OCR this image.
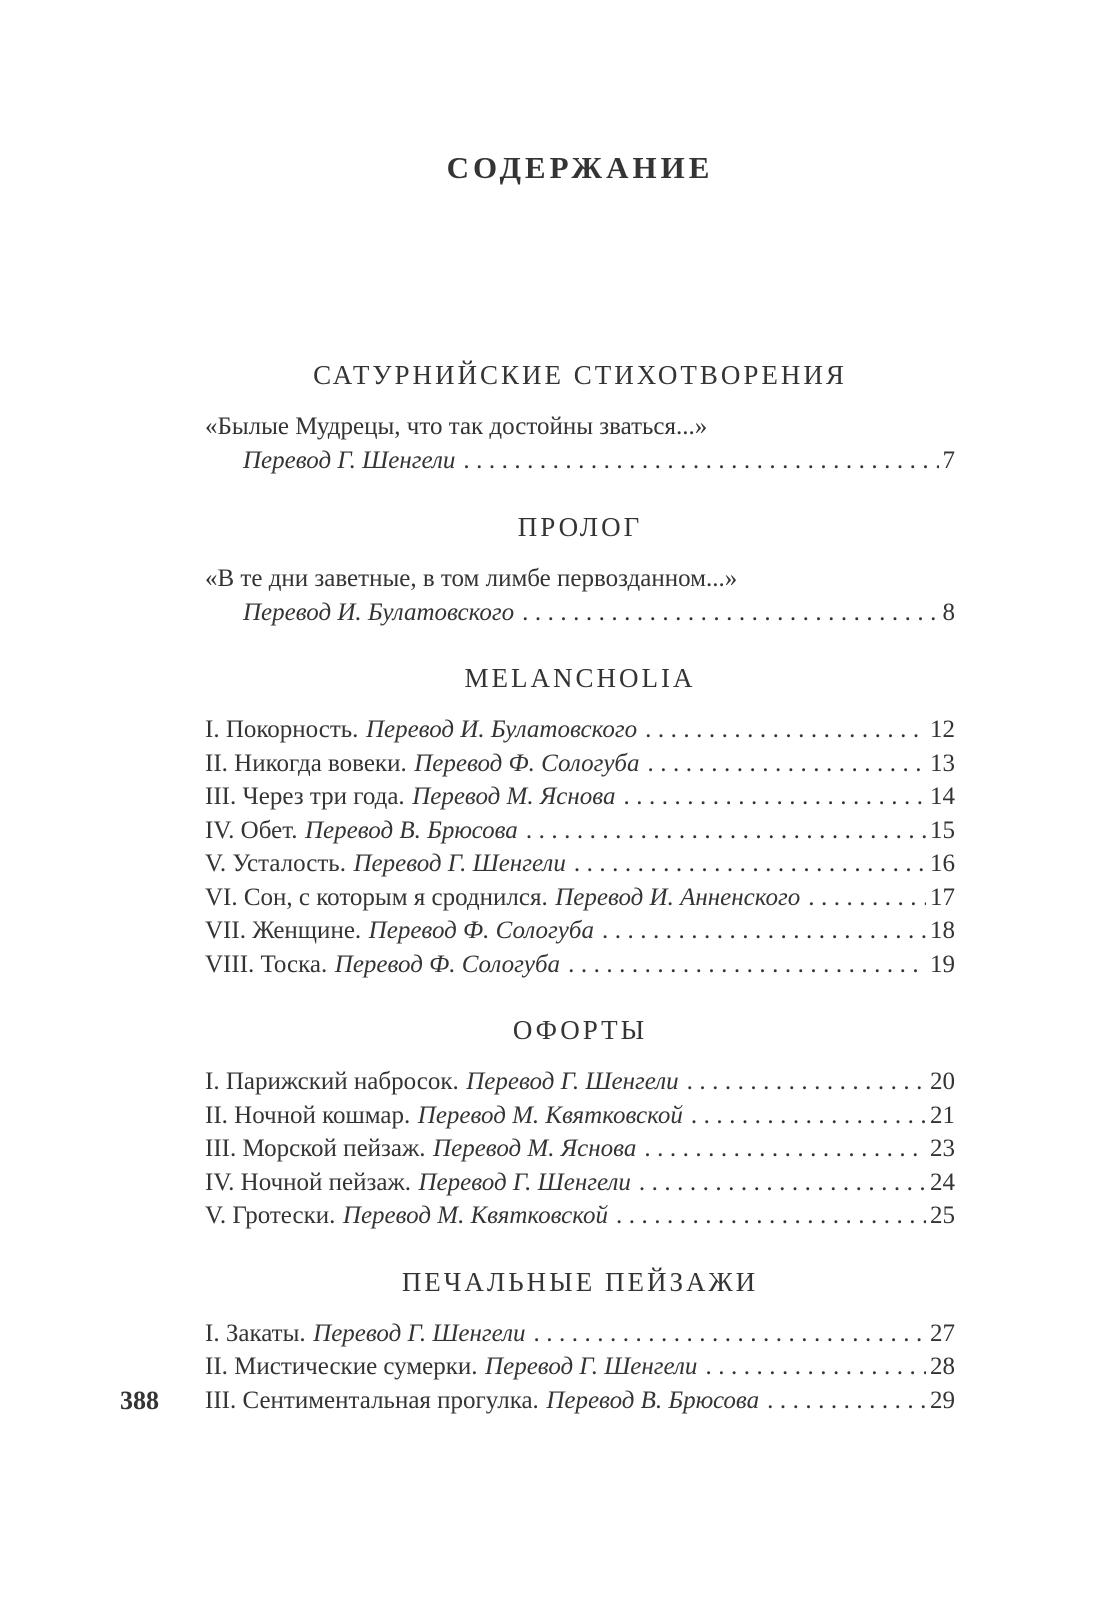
СОДЕРЖАНИЕ
САТУРНИЙСКИЕ СТИХОТВОРЕНИЯ
«Былые Мудрецы, что так достойны зваться...»
Перевод Г. Шенгели .....	7
ПРОЛОГ
«В те дни заветные, в том лимбе первозданном...»
Перевод И. Булатовского .....	8
MELANCHOLIA
I. Покорность. Перевод И. Булатовского .....	12
II. Никогда вовеки. Перевод Ф. Сологуба .....	13
III. Через три года. Перевод М. Яснова .....	14
IV. Обет. Перевод В. Брюсова .....	15
V. Усталость. Перевод Г. Шенгели .....	16
VI. Сон, с которым я сроднился. Перевод И. Анненского .....	17
VII. Женщине. Перевод Ф. Сологуба .....	18
VIII. Тоска. Перевод Ф. Сологуба .....	19
ОФОРТЫ
I. Парижский набросок. Перевод Г. Шенгели .....	20
II. Ночной кошмар. Перевод М. Квятковской .....	21
III. Морской пейзаж. Перевод М. Яснова .....	23
IV. Ночной пейзаж. Перевод Г. Шенгели .....	24
V. Гротески. Перевод М. Квятковской .....	25
ПЕЧАЛЬНЫЕ ПЕЙЗАЖИ
I. Закаты. Перевод Г. Шенгели .....	27
II. Мистические сумерки. Перевод Г. Шенгели .....	28
388 III. Сентиментальная прогулка. Перевод В. Брюсова .....	29
